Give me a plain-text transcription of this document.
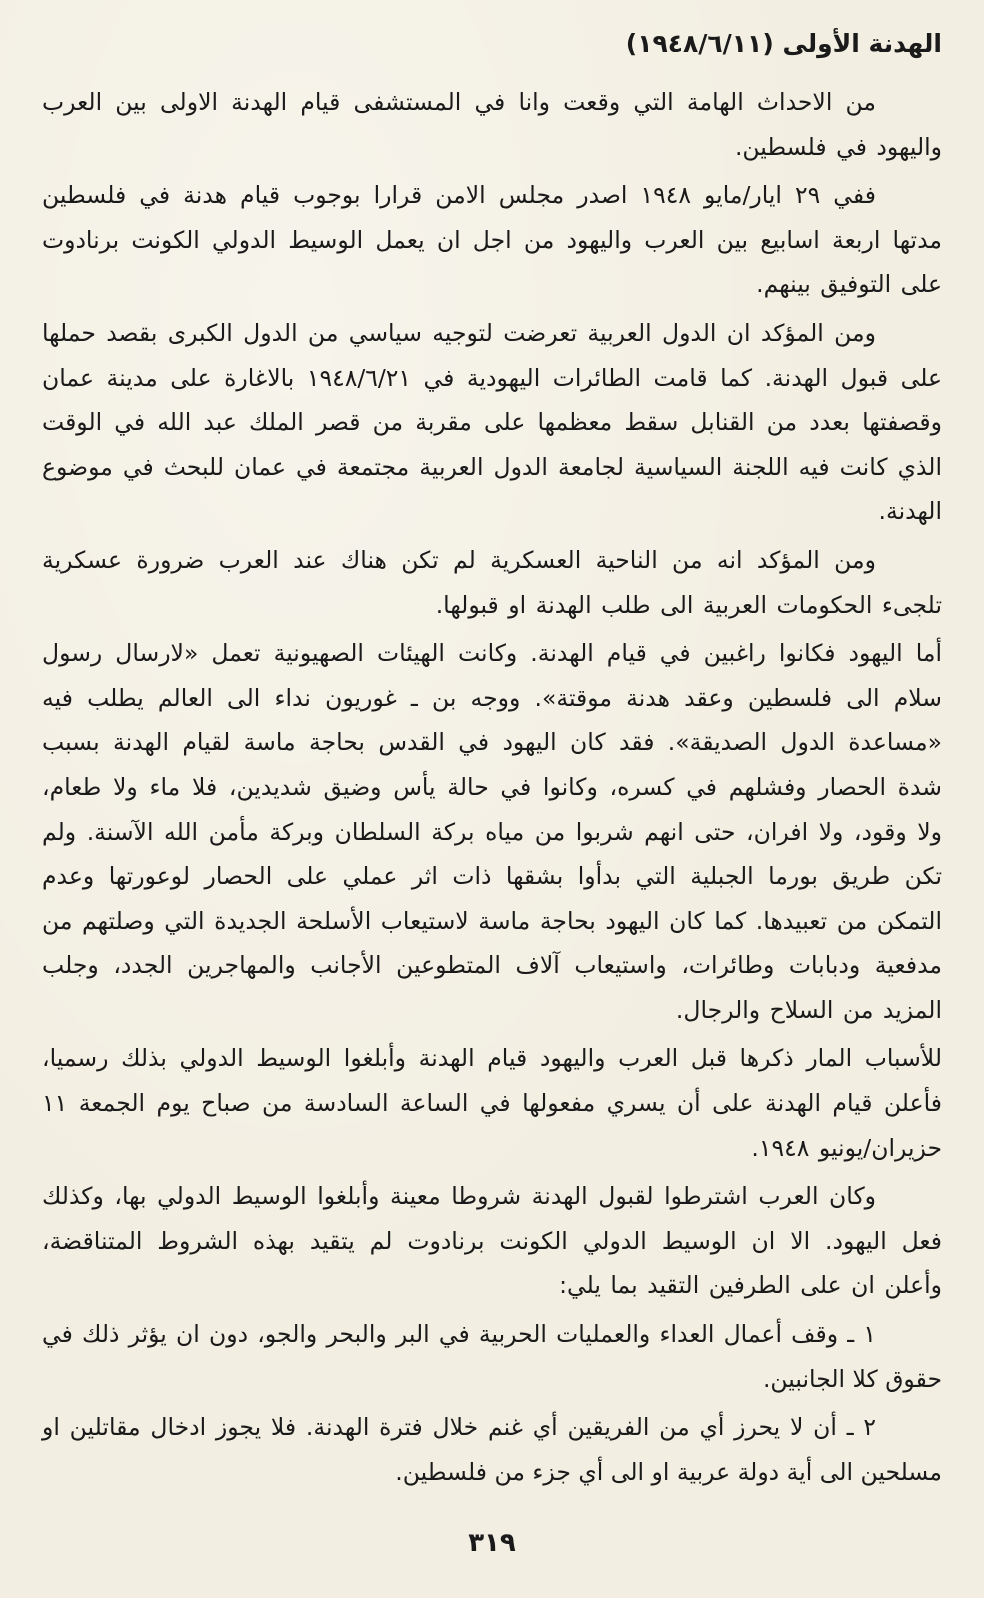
الهدنة الأولى (١٩٤٨/٦/١١)

من الاحداث الهامة التي وقعت وانا في المستشفى قيام الهدنة الاولى بين العرب واليهود في فلسطين.

ففي ٢٩ ايار/مايو ١٩٤٨ اصدر مجلس الامن قرارا بوجوب قيام هدنة في فلسطين مدتها اربعة اسابيع بين العرب واليهود من اجل ان يعمل الوسيط الدولي الكونت برنادوت على التوفيق بينهم.

ومن المؤكد ان الدول العربية تعرضت لتوجيه سياسي من الدول الكبرى بقصد حملها على قبول الهدنة. كما قامت الطائرات اليهودية في ١٩٤٨/٦/٢١ بالاغارة على مدينة عمان وقصفتها بعدد من القنابل سقط معظمها على مقربة من قصر الملك عبد الله في الوقت الذي كانت فيه اللجنة السياسية لجامعة الدول العربية مجتمعة في عمان للبحث في موضوع الهدنة.

ومن المؤكد انه من الناحية العسكرية لم تكن هناك عند العرب ضرورة عسكرية تلجىء الحكومات العربية الى طلب الهدنة او قبولها.

أما اليهود فكانوا راغبين في قيام الهدنة. وكانت الهيئات الصهيونية تعمل «لارسال رسول سلام الى فلسطين وعقد هدنة موقتة». ووجه بن ـ غوريون نداء الى العالم يطلب فيه «مساعدة الدول الصديقة». فقد كان اليهود في القدس بحاجة ماسة لقيام الهدنة بسبب شدة الحصار وفشلهم في كسره، وكانوا في حالة يأس وضيق شديدين، فلا ماء ولا طعام، ولا وقود، ولا افران، حتى انهم شربوا من مياه بركة السلطان وبركة مأمن الله الآسنة. ولم تكن طريق بورما الجبلية التي بدأوا بشقها ذات اثر عملي على الحصار لوعورتها وعدم التمكن من تعبيدها. كما كان اليهود بحاجة ماسة لاستيعاب الأسلحة الجديدة التي وصلتهم من مدفعية ودبابات وطائرات، واستيعاب آلاف المتطوعين الأجانب والمهاجرين الجدد، وجلب المزيد من السلاح والرجال.

للأسباب المار ذكرها قبل العرب واليهود قيام الهدنة وأبلغوا الوسيط الدولي بذلك رسميا، فأعلن قيام الهدنة على أن يسري مفعولها في الساعة السادسة من صباح يوم الجمعة ١١ حزيران/يونيو ١٩٤٨.

وكان العرب اشترطوا لقبول الهدنة شروطا معينة وأبلغوا الوسيط الدولي بها، وكذلك فعل اليهود. الا ان الوسيط الدولي الكونت برنادوت لم يتقيد بهذه الشروط المتناقضة، وأعلن ان على الطرفين التقيد بما يلي:

١ ـ وقف أعمال العداء والعمليات الحربية في البر والبحر والجو، دون ان يؤثر ذلك في حقوق كلا الجانبين.

٢ ـ أن لا يحرز أي من الفريقين أي غنم خلال فترة الهدنة. فلا يجوز ادخال مقاتلين او مسلحين الى أية دولة عربية او الى أي جزء من فلسطين.

٣١٩
